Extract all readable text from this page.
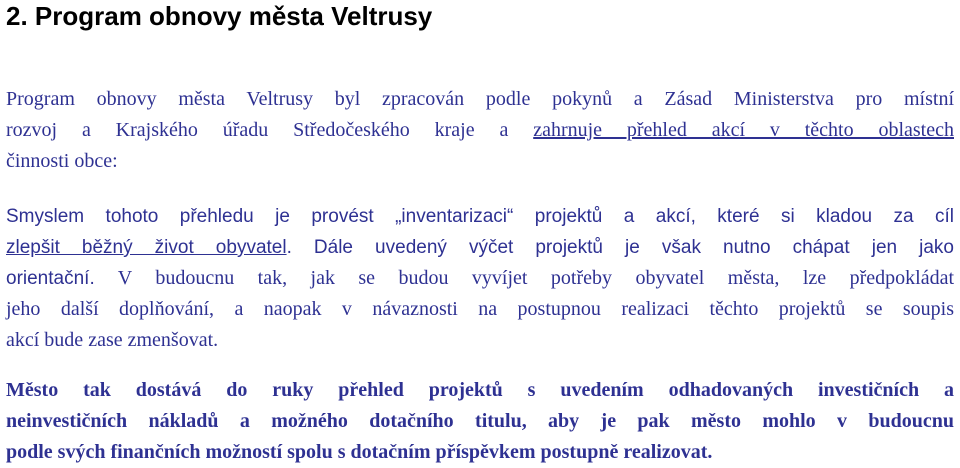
2. Program obnovy města Veltrusy
Program obnovy města Veltrusy byl zpracován podle pokynů a Zásad Ministerstva pro místní
rozvoj a Krajského úřadu Středočeského kraje a zahrnuje přehled akcí v těchto oblastech
činnosti obce:
Smyslem tohoto přehledu je provést „inventarizaci“ projektů a akcí, které si kladou za cíl
zlepšit běžný život obyvatel. Dále uvedený výčet projektů je však nutno chápat jen jako
orientační. V budoucnu tak, jak se budou vyvíjet potřeby obyvatel města, lze předpokládat
jeho další doplňování, a naopak v návaznosti na postupnou realizaci těchto projektů se soupis
akcí bude zase zmenšovat.
Město tak dostává do ruky přehled projektů s uvedením odhadovaných investičních a
neinvestičních nákladů a možného dotačního titulu, aby je pak město mohlo v budoucnu
podle svých finančních možností spolu s dotačním příspěvkem postupně realizovat.
